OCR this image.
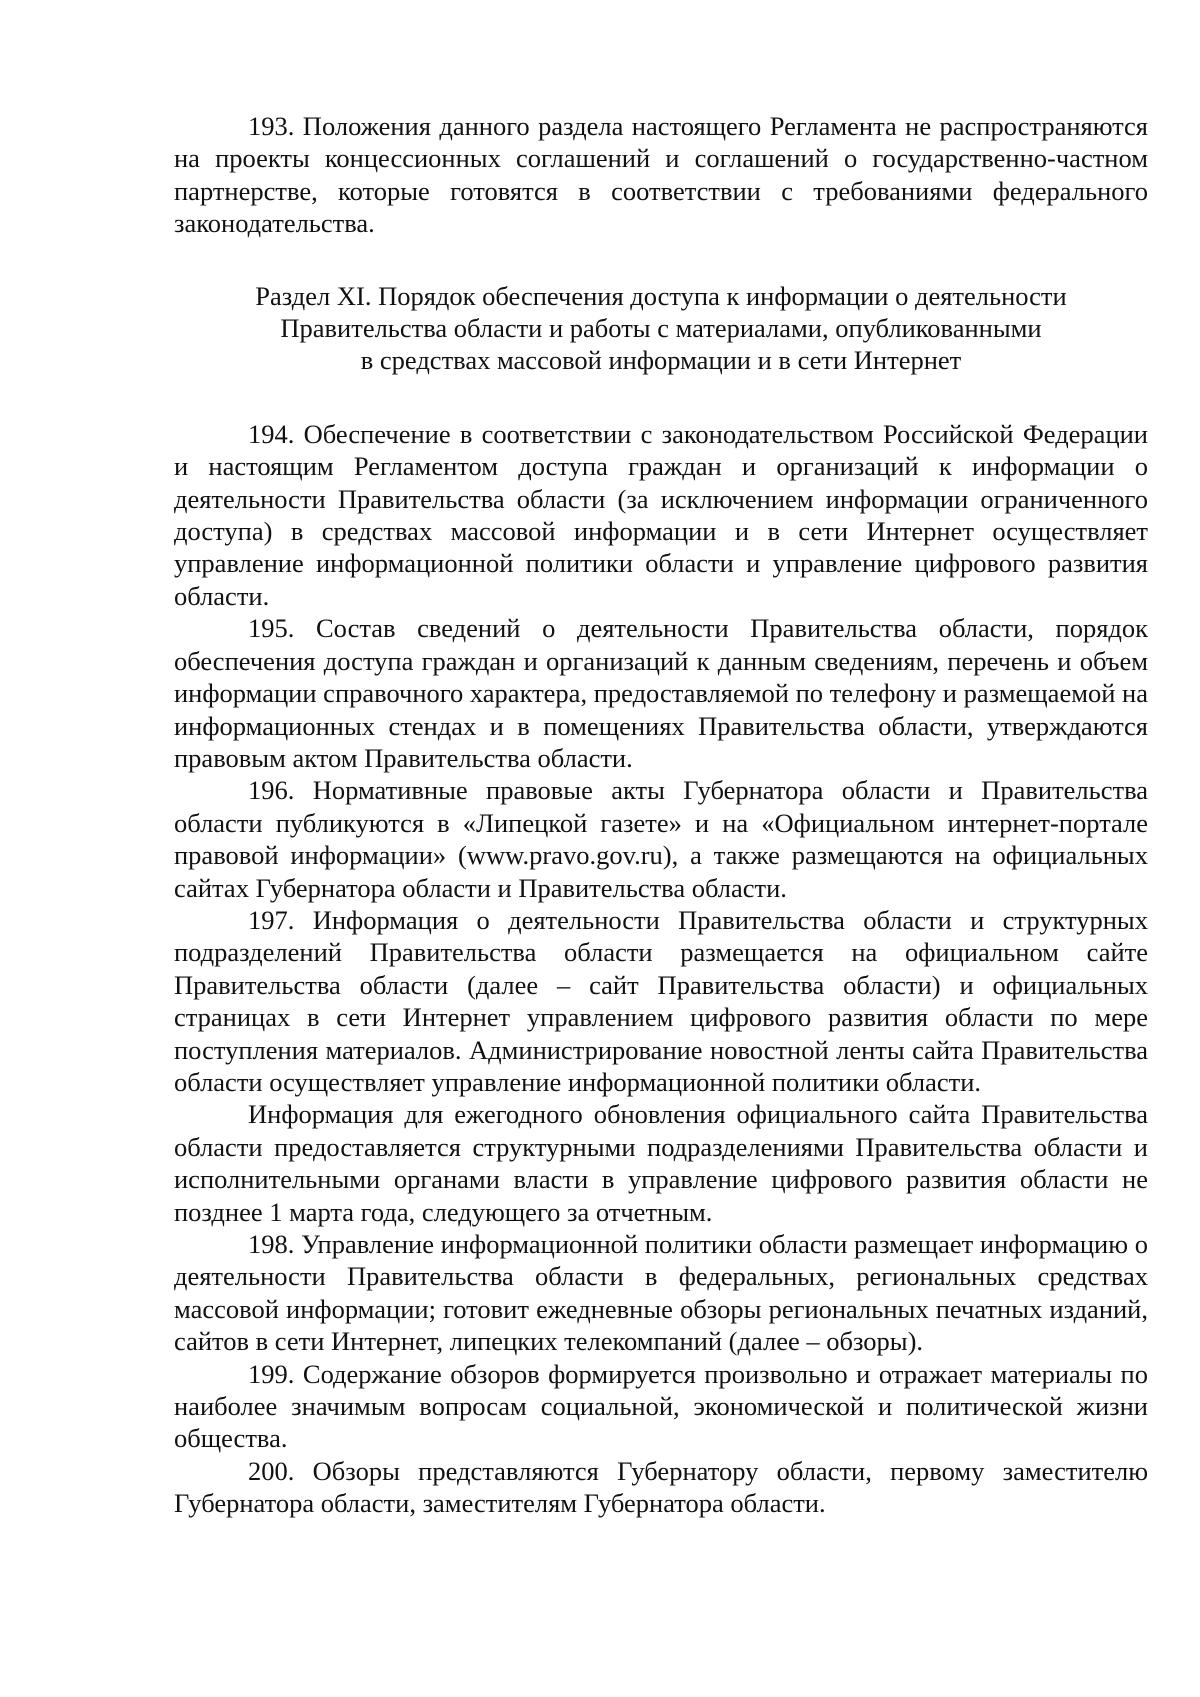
193. Положения данного раздела настоящего Регламента не распространяются на проекты концессионных соглашений и соглашений о государственно-частном партнерстве, которые готовятся в соответствии с требованиями федерального законодательства.

Раздел XI. Порядок обеспечения доступа к информации о деятельности
Правительства области и работы с материалами, опубликованными
в средствах массовой информации и в сети Интернет

194. Обеспечение в соответствии с законодательством Российской Федерации и настоящим Регламентом доступа граждан и организаций к информации о деятельности Правительства области (за исключением информации ограниченного доступа) в средствах массовой информации и в сети Интернет осуществляет управление информационной политики области и управление цифрового развития области.

195. Состав сведений о деятельности Правительства области, порядок обеспечения доступа граждан и организаций к данным сведениям, перечень и объем информации справочного характера, предоставляемой по телефону и размещаемой на информационных стендах и в помещениях Правительства области, утверждаются правовым актом Правительства области.

196. Нормативные правовые акты Губернатора области и Правительства области публикуются в «Липецкой газете» и на «Официальном интернет-портале правовой информации» (www.pravo.gov.ru), а также размещаются на официальных сайтах Губернатора области и Правительства области.

197. Информация о деятельности Правительства области и структурных подразделений Правительства области размещается на официальном сайте Правительства области (далее – сайт Правительства области) и официальных страницах в сети Интернет управлением цифрового развития области по мере поступления материалов. Администрирование новостной ленты сайта Правительства области осуществляет управление информационной политики области.

Информация для ежегодного обновления официального сайта Правительства области предоставляется структурными подразделениями Правительства области и исполнительными органами власти в управление цифрового развития области не позднее 1 марта года, следующего за отчетным.

198. Управление информационной политики области размещает информацию о деятельности Правительства области в федеральных, региональных средствах массовой информации; готовит ежедневные обзоры региональных печатных изданий, сайтов в сети Интернет, липецких телекомпаний (далее – обзоры).

199. Содержание обзоров формируется произвольно и отражает материалы по наиболее значимым вопросам социальной, экономической и политической жизни общества.

200. Обзоры представляются Губернатору области, первому заместителю Губернатора области, заместителям Губернатора области.
